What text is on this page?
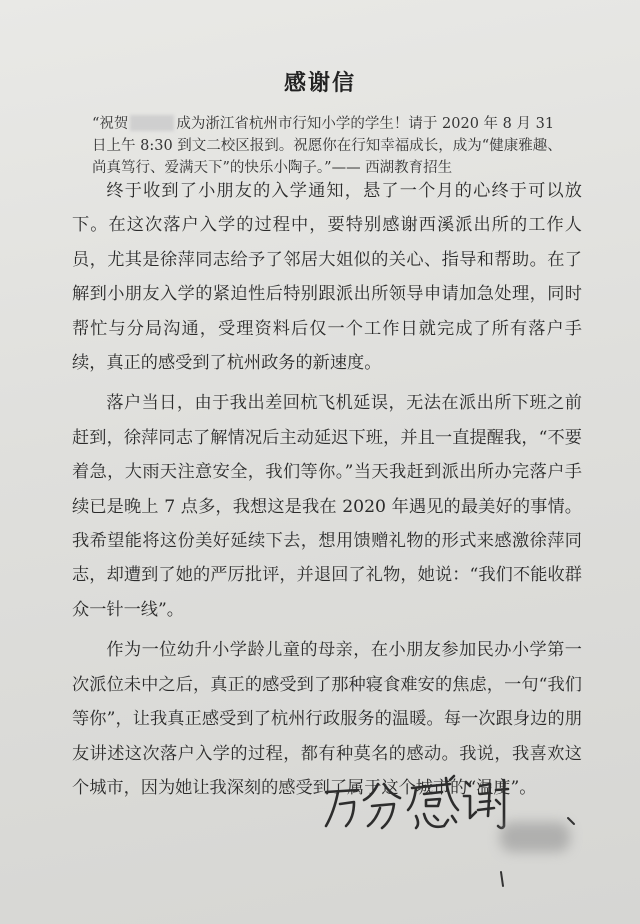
感谢信
“祝贺	成为浙江省杭州市行知小学的学生！请于 2020 年 8 月 31 日上午 8:30 到文二校区报到。祝愿你在行知幸福成长，成为“健康雅趣、尚真笃行、爱满天下”的快乐小陶子。”—— 西湖教育招生

终于收到了小朋友的入学通知，悬了一个月的心终于可以放下。在这次落户入学的过程中，要特别感谢西溪派出所的工作人员，尤其是徐萍同志给予了邻居大姐似的关心、指导和帮助。在了解到小朋友入学的紧迫性后特别跟派出所领导申请加急处理，同时帮忙与分局沟通，受理资料后仅一个工作日就完成了所有落户手续，真正的感受到了杭州政务的新速度。

落户当日，由于我出差回杭飞机延误，无法在派出所下班之前赶到，徐萍同志了解情况后主动延迟下班，并且一直提醒我，“不要着急，大雨天注意安全，我们等你。”当天我赶到派出所办完落户手续已是晚上 7 点多，我想这是我在 2020 年遇见的最美好的事情。我希望能将这份美好延续下去，想用馈赠礼物的形式来感激徐萍同志，却遭到了她的严厉批评，并退回了礼物，她说：“我们不能收群众一针一线”。

作为一位幼升小学龄儿童的母亲，在小朋友参加民办小学第一次派位未中之后，真正的感受到了那种寝食难安的焦虑，一句“我们等你”，让我真正感受到了杭州行政服务的温暖。每一次跟身边的朋友讲述这次落户入学的过程，都有种莫名的感动。我说，我喜欢这个城市，因为她让我深刻的感受到了属于这个城市的“温度”。
